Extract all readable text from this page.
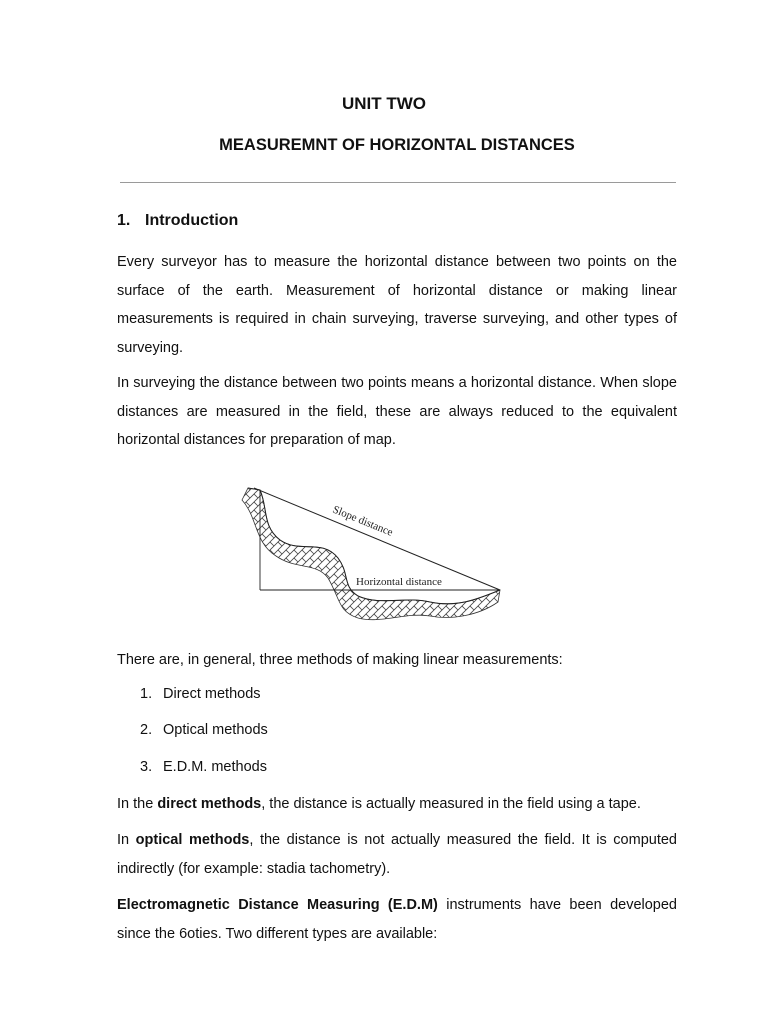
UNIT TWO
MEASUREMNT OF HORIZONTAL DISTANCES
1. Introduction

Every surveyor has to measure the horizontal distance between two points on the surface of the earth. Measurement of horizontal distance or making linear measurements is required in chain surveying, traverse surveying, and other types of surveying.

In surveying the distance between two points means a horizontal distance. When slope distances are measured in the field, these are always reduced to the equivalent horizontal distances for preparation of map.

Slope distance
Horizontal distance

There are, in general, three methods of making linear measurements:

1. Direct methods
2. Optical methods
3. E.D.M. methods

In the direct methods, the distance is actually measured in the field using a tape.

In optical methods, the distance is not actually measured the field. It is computed indirectly (for example: stadia tachometry).

Electromagnetic Distance Measuring (E.D.M) instruments have been developed since the 6oties. Two different types are available:
